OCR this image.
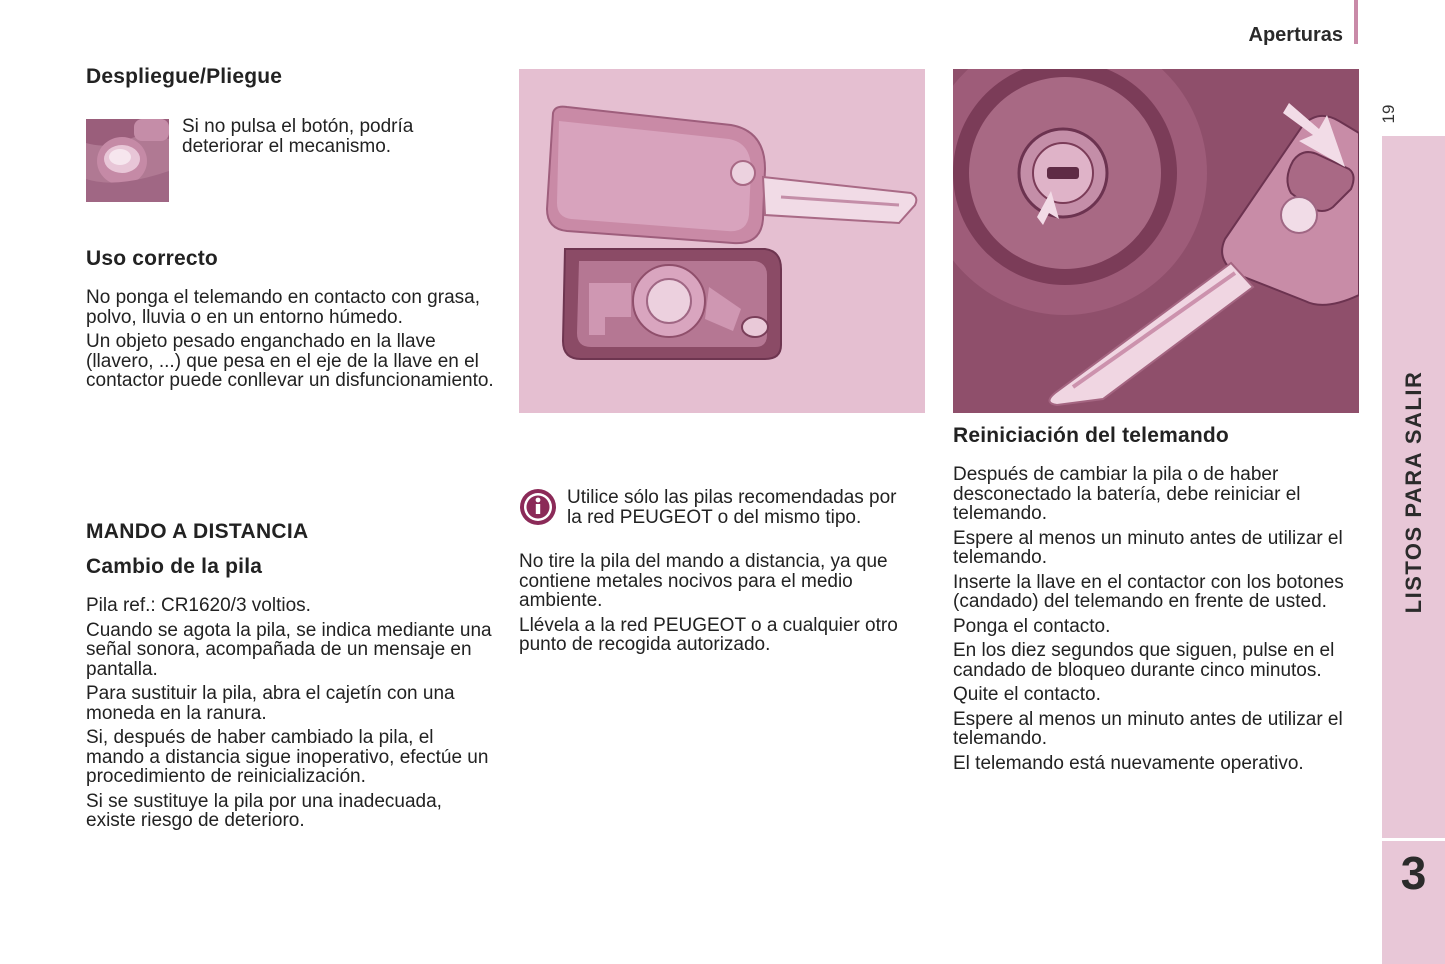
Aperturas
19
LISTOS PARA SALIR
3
Despliegue/Pliegue

Si no pulsa el botón, podría deteriorar el mecanismo.

Uso correcto

No ponga el telemando en contacto con grasa, polvo, lluvia o en un entorno húmedo.

Un objeto pesado enganchado en la llave (llavero, ...) que pesa en el eje de la llave en el contactor puede conllevar un disfuncionamiento.

MANDO A DISTANCIA
Cambio de la pila

Pila ref.: CR1620/3 voltios.

Cuando se agota la pila, se indica mediante una señal sonora, acompañada de un mensaje en pantalla.

Para sustituir la pila, abra el cajetín con una moneda en la ranura.

Si, después de haber cambiado la pila, el mando a distancia sigue inoperativo, efectúe un procedimiento de reinicialización.

Si se sustituye la pila por una inadecuada, existe riesgo de deterioro.

Utilice sólo las pilas recomendadas por la red PEUGEOT o del mismo tipo.

No tire la pila del mando a distancia, ya que contiene metales nocivos para el medio ambiente.

Llévela a la red PEUGEOT o a cualquier otro punto de recogida autorizado.

Reiniciación del telemando

Después de cambiar la pila o de haber desconectado la batería, debe reiniciar el telemando.

Espere al menos un minuto antes de utilizar el telemando.

Inserte la llave en el contactor con los botones (candado) del telemando en frente de usted.

Ponga el contacto.

En los diez segundos que siguen, pulse en el candado de bloqueo durante cinco minutos.

Quite el contacto.

Espere al menos un minuto antes de utilizar el telemando.

El telemando está nuevamente operativo.
